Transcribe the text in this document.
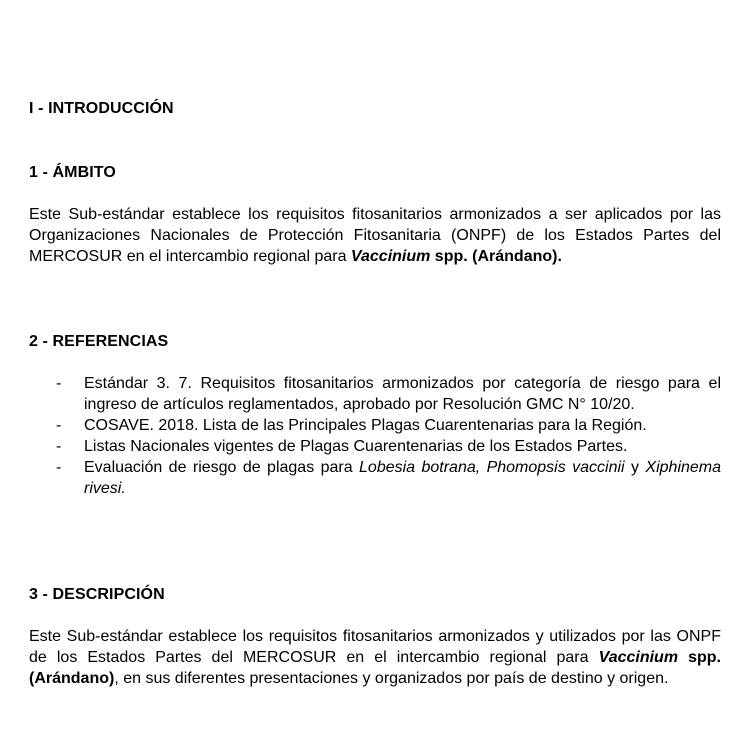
I - INTRODUCCIÓN
1 - ÁMBITO

Este Sub-estándar establece los requisitos fitosanitarios armonizados a ser aplicados por las Organizaciones Nacionales de Protección Fitosanitaria (ONPF) de los Estados Partes del MERCOSUR en el intercambio regional para Vaccinium spp. (Arándano).

2 - REFERENCIAS
- Estándar 3. 7. Requisitos fitosanitarios armonizados por categoría de riesgo para el ingreso de artículos reglamentados, aprobado por Resolución GMC N° 10/20.
- COSAVE. 2018. Lista de las Principales Plagas Cuarentenarias para la Región.
- Listas Nacionales vigentes de Plagas Cuarentenarias de los Estados Partes.
- Evaluación de riesgo de plagas para Lobesia botrana, Phomopsis vaccinii y Xiphinema rivesi.
3 - DESCRIPCIÓN

Este Sub-estándar establece los requisitos fitosanitarios armonizados y utilizados por las ONPF de los Estados Partes del MERCOSUR en el intercambio regional para Vaccinium spp. (Arándano), en sus diferentes presentaciones y organizados por país de destino y origen.
